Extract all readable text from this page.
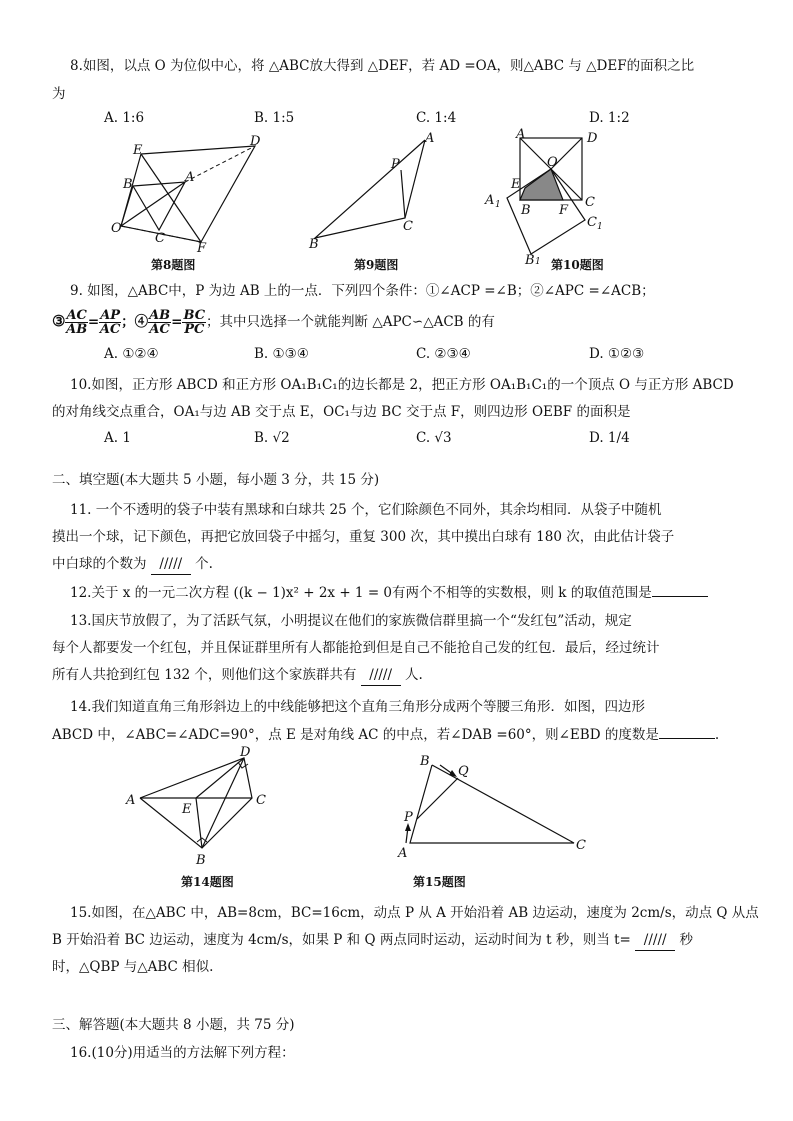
8.如图，以点 O 为位似中心，将 △ABC放大得到 △DEF，若 AD =OA，则△ABC 与 △DEF的面积之比
为
A. 1:6	B. 1:5	C. 1:4	D. 1:2
E
D
B	A
O
C
F
第8题图
A
P
C
B
第9题图
A	D
O
E
C
A 1 B F
C 1
B 1 第10题图
9. 如图，△ABC中，P 为边 AB 上的一点．下列四个条件：①∠ACP =∠B；②∠APC =∠ACB；
③ $\frac{AC}{AB} = \frac{AP}{AC}$ ；④ $\frac{AB}{AC} = \frac{BC}{PC}$ ；其中只选择一个就能判断 △APC∽△ACB 的有
A. ①②④	B. ①③④	C. ②③④	D. ①②③
10.如图，正方形 ABCD 和正方形 OA₁B₁C₁的边长都是 2，把正方形 OA₁B₁C₁的一个顶点 O 与正方形 ABCD
的对角线交点重合，OA₁与边 AB 交于点 E，OC₁与边 BC 交于点 F，则四边形 OEBF 的面积是
A. 1	B. √2	C. √3	D. 1/4
二、填空题(本大题共 5 小题，每小题 3 分，共 15 分)
11. 一个不透明的袋子中装有黑球和白球共 25 个，它们除颜色不同外，其余均相同．从袋子中随机
摸出一个球，记下颜色，再把它放回袋子中摇匀，重复 300 次，其中摸出白球有 180 次，由此估计袋子
中白球的个数为 ///// 个.
12.关于 x 的一元二次方程 ((k − 1)x² + 2x + 1 = 0有两个不相等的实数根，则 k 的取值范围是
13.国庆节放假了，为了活跃气氛，小明提议在他们的家族微信群里搞一个“发红包”活动，规定
每个人都要发一个红包，并且保证群里所有人都能抢到但是自己不能抢自己发的红包．最后，经过统计
所有人共抢到红包 132 个，则他们这个家族群共有 ///// 人.
14.我们知道直角三角形斜边上的中线能够把这个直角三角形分成两个等腰三角形．如图，四边形
ABCD 中，∠ABC=∠ADC=90°，点 E 是对角线 AC 的中点，若∠DAB =60°，则∠EBD 的度数是	.
D
A
E
C
B
第14题图
B
Q
P
A
C
第15题图
15.如图，在△ABC 中，AB=8cm，BC=16cm，动点 P 从 A 开始沿着 AB 边运动，速度为 2cm/s，动点 Q 从点
B 开始沿着 BC 边运动，速度为 4cm/s，如果 P 和 Q 两点同时运动，运动时间为 t 秒，则当 t= ///// 秒
时，△QBP 与△ABC 相似.
三、解答题(本大题共 8 小题，共 75 分)
16.(10分)用适当的方法解下列方程：
